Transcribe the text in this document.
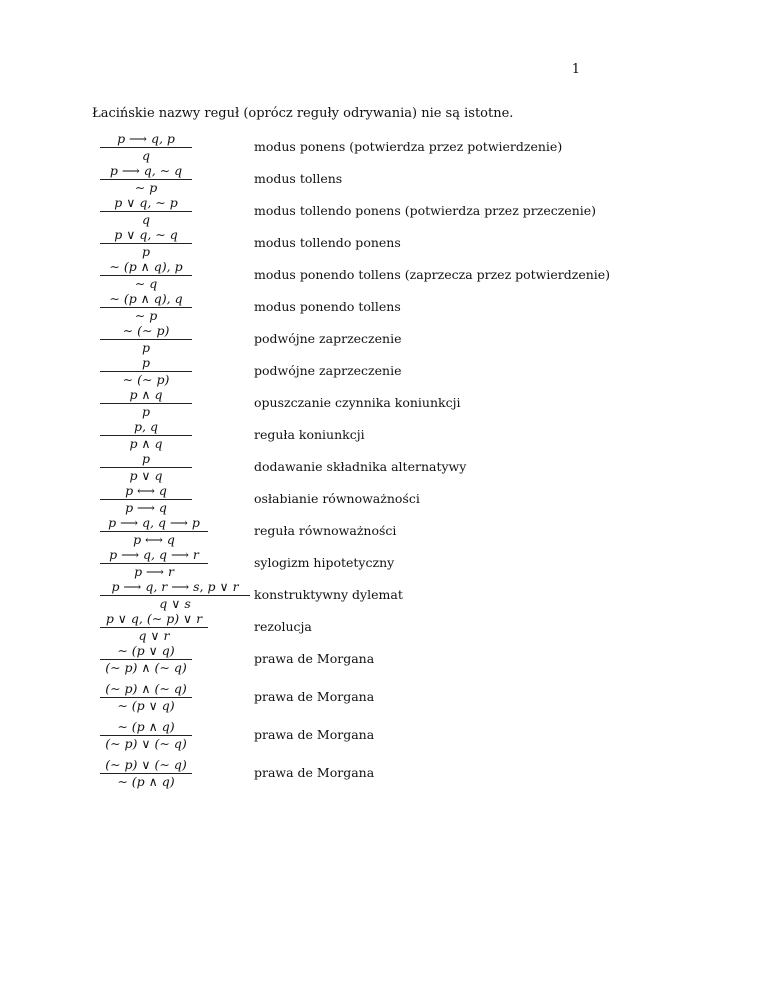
1
Łacińskie nazwy reguł (oprócz reguły odrywania) nie są istotne.
p ⟶ q, p
q
modus ponens (potwierdza przez potwierdzenie)
p ⟶ q, ∼ q
∼ p
modus tollens
p ∨ q, ∼ p
q
modus tollendo ponens (potwierdza przez przeczenie)
p ∨ q, ∼ q
p
modus tollendo ponens
∼ (p ∧ q), p
∼ q
modus ponendo tollens (zaprzecza przez potwierdzenie)
∼ (p ∧ q), q
∼ p
modus ponendo tollens
∼ (∼ p)
p
podwójne zaprzeczenie
p
∼ (∼ p)
podwójne zaprzeczenie
p ∧ q
p
opuszczanie czynnika koniunkcji
p, q
p ∧ q
reguła koniunkcji
p
p ∨ q
dodawanie składnika alternatywy
p ⟷ q
p ⟶ q
osłabianie równoważności
p ⟶ q, q ⟶ p
p ⟷ q
reguła równoważności
p ⟶ q, q ⟶ r
p ⟶ r
sylogizm hipotetyczny
p ⟶ q, r ⟶ s, p ∨ r
q ∨ s
konstruktywny dylemat
p ∨ q, (∼ p) ∨ r
q ∨ r
rezolucja
∼ (p ∨ q)
(∼ p) ∧ (∼ q)
prawa de Morgana
(∼ p) ∧ (∼ q)
∼ (p ∨ q)
prawa de Morgana
∼ (p ∧ q)
(∼ p) ∨ (∼ q)
prawa de Morgana
(∼ p) ∨ (∼ q)
∼ (p ∧ q)
prawa de Morgana
